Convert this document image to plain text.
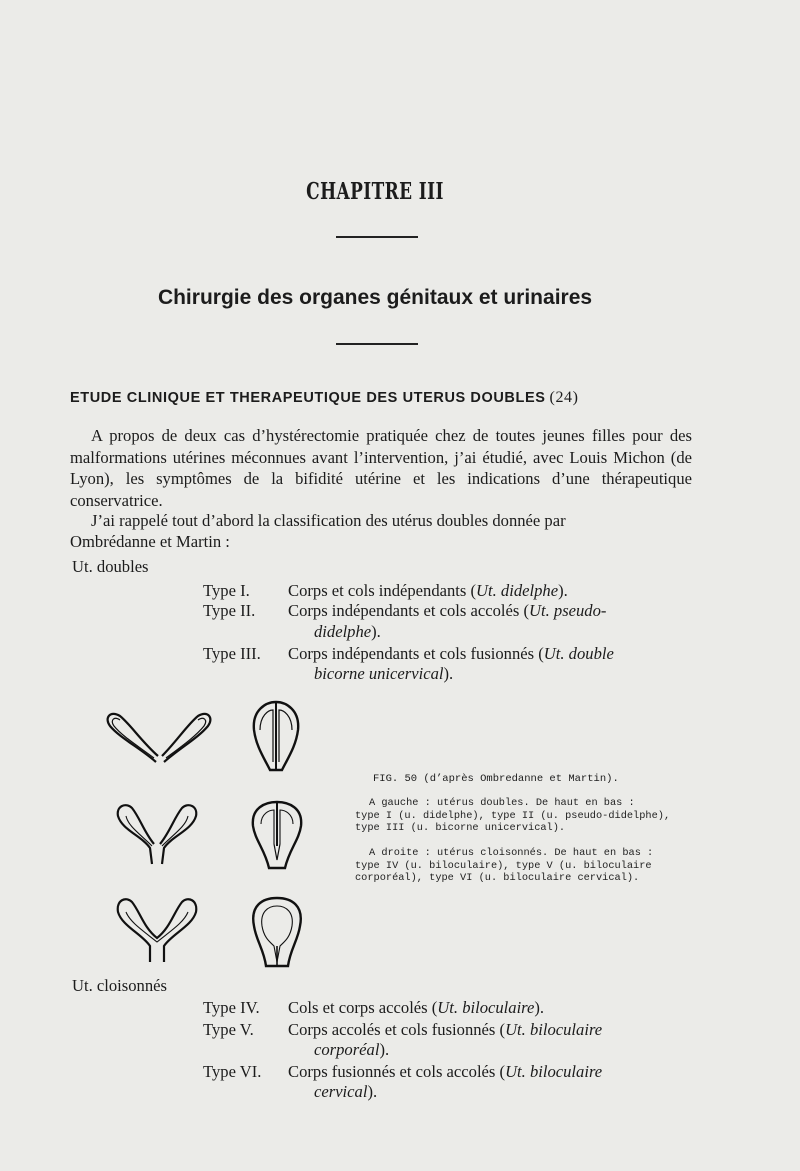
CHAPITRE III
Chirurgie des organes génitaux et urinaires
ETUDE CLINIQUE ET THERAPEUTIQUE DES UTERUS DOUBLES (24)
A propos de deux cas d’hystérectomie pratiquée chez de toutes jeunes filles pour des malformations utérines méconnues avant l’intervention, j’ai étudié, avec Louis Michon (de Lyon), les symptômes de la bifidité utérine et les indications d’une thérapeutique conservatrice.
J’ai rappelé tout d’abord la classification des utérus doubles donnée par
Ombrédanne et Martin :
Ut. doubles
Type I. Corps et cols indépendants (Ut. didelphe).
Type II. Corps indépendants et cols accolés (Ut. pseudo-
didelphe).
Type III. Corps indépendants et cols fusionnés (Ut. double
bicorne unicervical).
FIG. 50 (d’après Ombredanne et Martin).
A gauche : utérus doubles. De haut en bas :
type I (u. didelphe), type II (u. pseudo-didelphe),
type III (u. bicorne unicervical).
A droite : utérus cloisonnés. De haut en bas :
type IV (u. biloculaire), type V (u. biloculaire
corporéal), type VI (u. biloculaire cervical).
Ut. cloisonnés
Type IV. Cols et corps accolés (Ut. biloculaire).
Type V. Corps accolés et cols fusionnés (Ut. biloculaire
corporéal).
Type VI. Corps fusionnés et cols accolés (Ut. biloculaire
cervical).
